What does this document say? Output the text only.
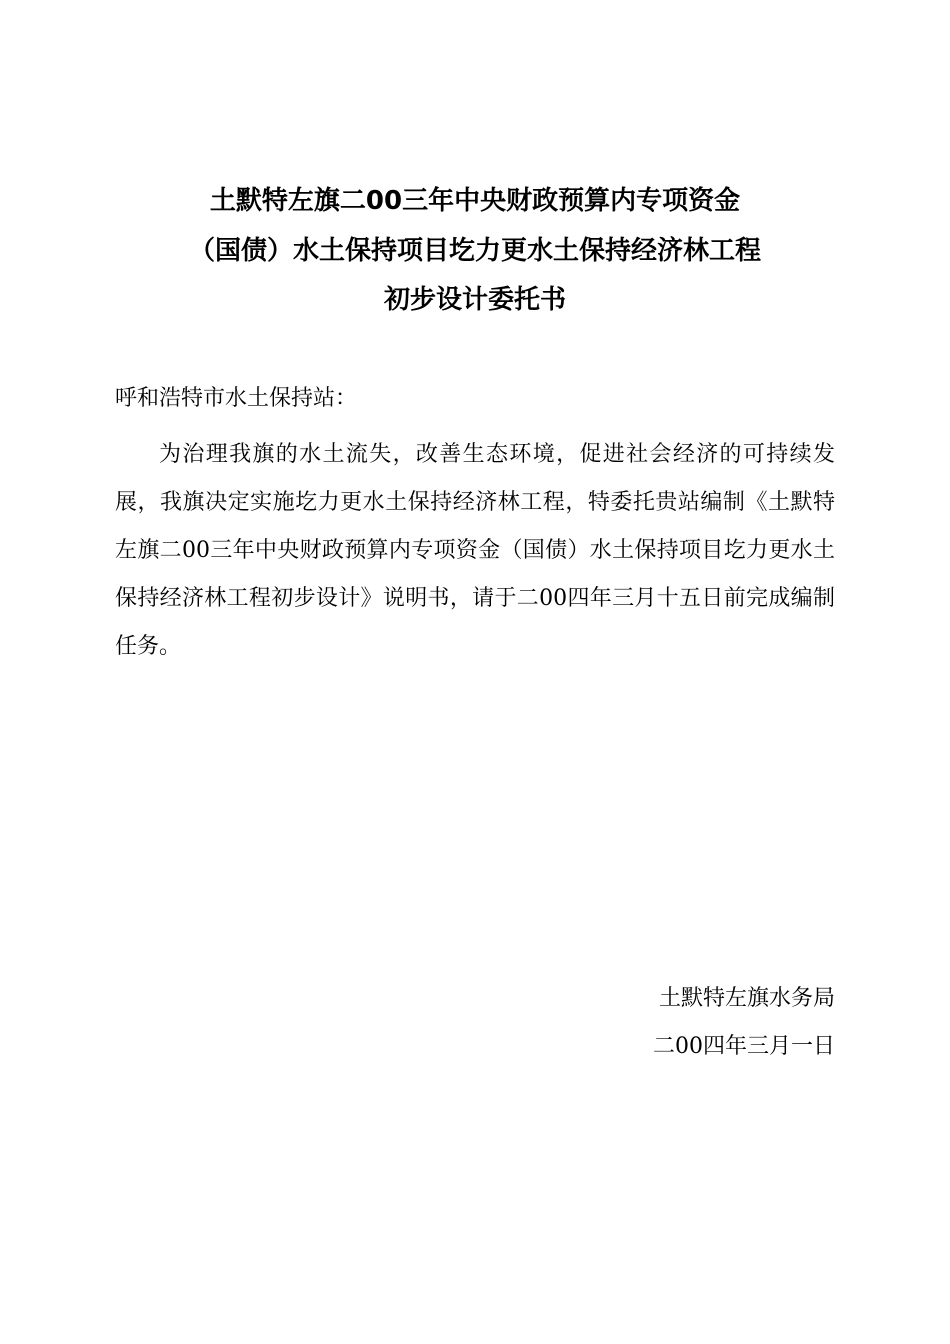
土默特左旗二00三年中央财政预算内专项资金
（国债）水土保持项目圪力更水土保持经济林工程
初步设计委托书
呼和浩特市水土保持站：

为治理我旗的水土流失，改善生态环境，促进社会经济的可持续发展，我旗决定实施圪力更水土保持经济林工程，特委托贵站编制《土默特左旗二00三年中央财政预算内专项资金（国债）水土保持项目圪力更水土保持经济林工程初步设计》说明书，请于二00四年三月十五日前完成编制任务。

土默特左旗水务局
二00四年三月一日
